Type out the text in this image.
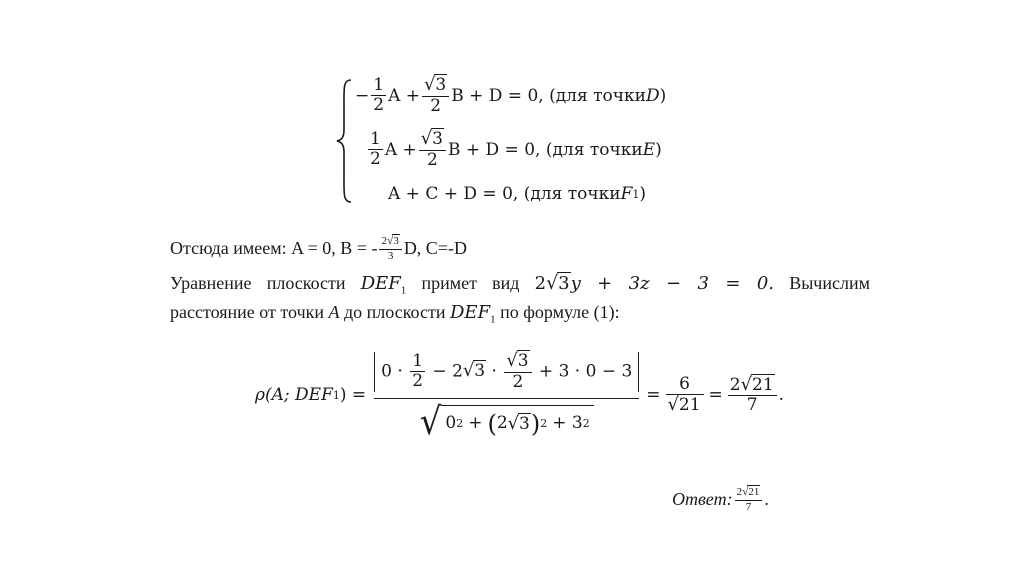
− $\frac{1}{2}$ $A + \frac{√3}{2}$ B + D = 0, (для точки D )
$\frac{1}{2}$ $A + \frac{√3}{2}$ B + D = 0, (для точки E )
A + C + D = 0, (для точки F 1 )
Отсюда имеем: A = 0, B = - $\frac{2√3}{3} D$, C=-D
Уравнение плоскости $DEF_1$ примет вид 2√3y + 3z − 3 = 0. Вычислим
расстояние от точки A до плоскости $DEF_1$ по формуле (1):
ρ(A; DEF 1 ) =
$0 \cdot \frac{1}{2} - 2√3 \cdot \frac{√3}{2} + 3 \cdot 0 - 3$
√ 0 2 + ( 2 √3 ) 2 + 3 2
= $\frac{6}{√21} = \frac{2√21}{7}$ .
Ответ: $\frac{2√21}{7}$ .
